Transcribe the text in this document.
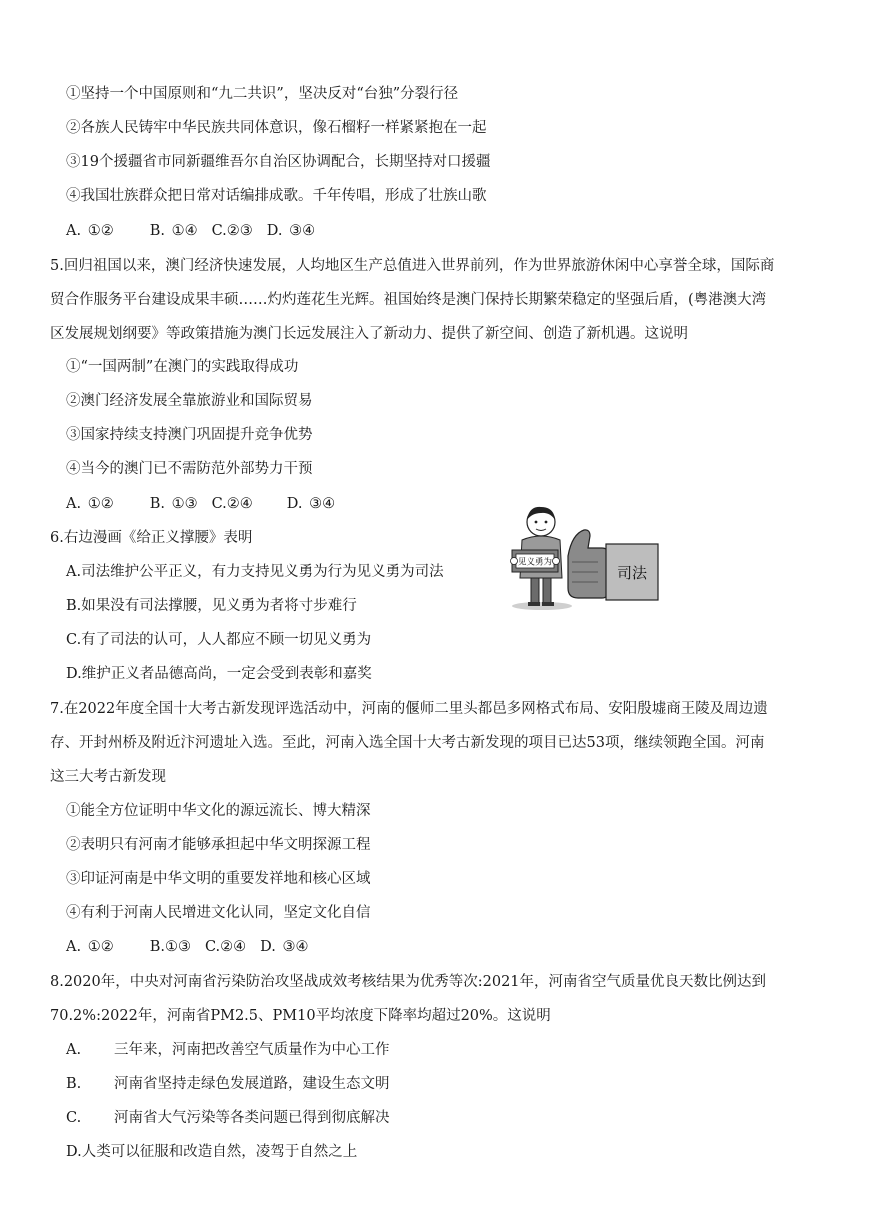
①坚持一个中国原则和“九二共识”，坚决反对“台独”分裂行径
②各族人民铸牢中华民族共同体意识，像石榴籽一样紧紧抱在一起
③19个援疆省市同新疆维吾尔自治区协调配合，长期坚持对口援疆
④我国壮族群众把日常对话编排成歌。千年传唱，形成了壮族山歌
A. ①② B. ①④ C.②③ D. ③④
5.回归祖国以来，澳门经济快速发展，人均地区生产总值进入世界前列，作为世界旅游休闲中心享誉全球，国际商
贸合作服务平台建设成果丰硕……灼灼莲花生光辉。祖国始终是澳门保持长期繁荣稳定的坚强后盾，(粤港澳大湾
区发展规划纲要》等政策措施为澳门长远发展注入了新动力、提供了新空间、创造了新机遇。这说明
①“一国两制”在澳门的实践取得成功
②澳门经济发展全靠旅游业和国际贸易
③国家持续支持澳门巩固提升竞争优势
④当今的澳门已不需防范外部势力干预
A. ①② B. ①③ C.②④ D. ③④
6.右边漫画《给正义撑腰》表明
A.司法维护公平正义，有力支持见义勇为行为见义勇为司法
B.如果没有司法撑腰，见义勇为者将寸步难行
C.有了司法的认可，人人都应不顾一切见义勇为
D.维护正义者品德高尚，一定会受到表彰和嘉奖
见义勇为
司法
7.在2022年度全国十大考古新发现评选活动中，河南的偃师二里头都邑多网格式布局、安阳殷墟商王陵及周边遗
存、开封州桥及附近汴河遗址入选。至此，河南入选全国十大考古新发现的项目已达53项，继续领跑全国。河南
这三大考古新发现
①能全方位证明中华文化的源远流长、博大精深
②表明只有河南才能够承担起中华文明探源工程
③印证河南是中华文明的重要发祥地和核心区域
④有利于河南人民增进文化认同，坚定文化自信
A. ①② B.①③ C.②④ D. ③④
8.2020年，中央对河南省污染防治攻坚战成效考核结果为优秀等次:2021年，河南省空气质量优良天数比例达到
70.2%:2022年，河南省PM2.5、PM10平均浓度下降率均超过20%。这说明
A. 三年来，河南把改善空气质量作为中心工作
B. 河南省坚持走绿色发展道路，建设生态文明
C. 河南省大气污染等各类问题已得到彻底解决
D.人类可以征服和改造自然，凌驾于自然之上
